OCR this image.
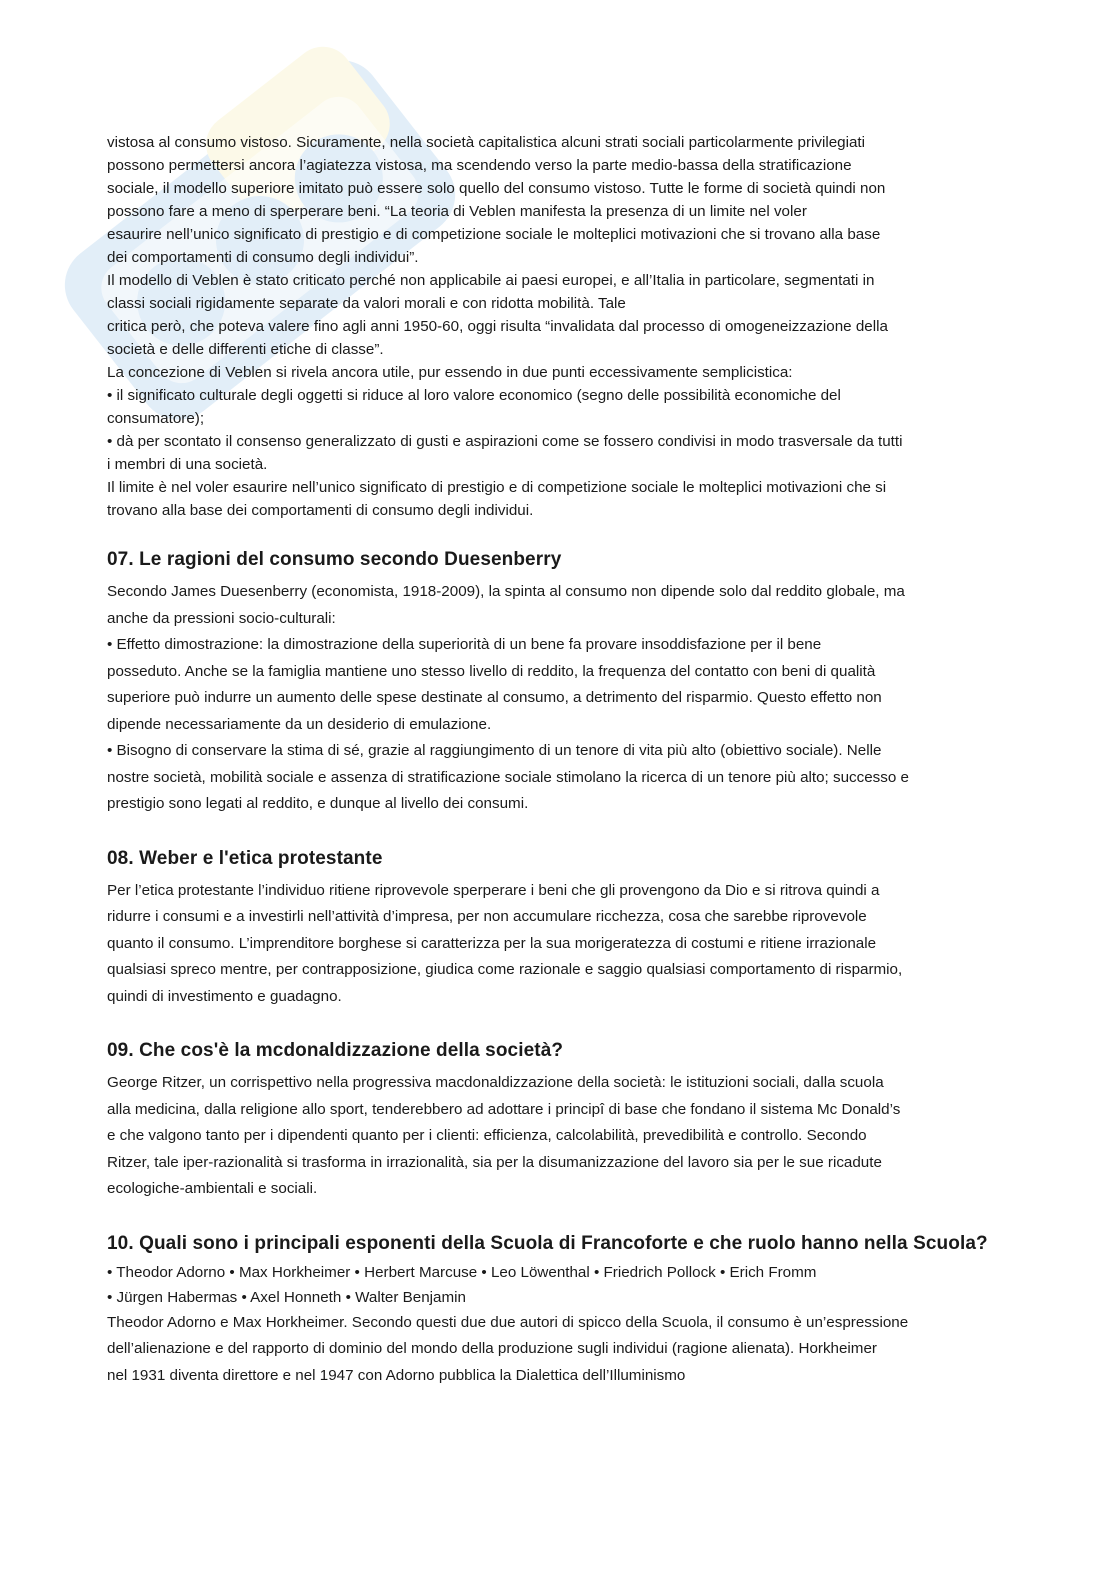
vistosa al consumo vistoso. Sicuramente, nella società capitalistica alcuni strati sociali particolarmente privilegiati

possono permettersi ancora l’agiatezza vistosa, ma scendendo verso la parte medio-bassa della stratificazione

sociale, il modello superiore imitato può essere solo quello del consumo vistoso. Tutte le forme di società quindi non

possono fare a meno di sperperare beni. “La teoria di Veblen manifesta la presenza di un limite nel voler

esaurire nell’unico significato di prestigio e di competizione sociale le molteplici motivazioni che si trovano alla base

dei comportamenti di consumo degli individui”.

Il modello di Veblen è stato criticato perché non applicabile ai paesi europei, e all’Italia in particolare, segmentati in

classi sociali rigidamente separate da valori morali e con ridotta mobilità. Tale

critica però, che poteva valere fino agli anni 1950-60, oggi risulta “invalidata dal processo di omogeneizzazione della

società e delle differenti etiche di classe”.

La concezione di Veblen si rivela ancora utile, pur essendo in due punti eccessivamente semplicistica:

• il significato culturale degli oggetti si riduce al loro valore economico (segno delle possibilità economiche del

consumatore);

• dà per scontato il consenso generalizzato di gusti e aspirazioni come se fossero condivisi in modo trasversale da tutti

i membri di una società.

Il limite è nel voler esaurire nell’unico significato di prestigio e di competizione sociale le molteplici motivazioni che si

trovano alla base dei comportamenti di consumo degli individui.

07. Le ragioni del consumo secondo Duesenberry

Secondo James Duesenberry (economista, 1918-2009), la spinta al consumo non dipende solo dal reddito globale, ma

anche da pressioni socio-culturali:

• Effetto dimostrazione: la dimostrazione della superiorità di un bene fa provare insoddisfazione per il bene

posseduto. Anche se la famiglia mantiene uno stesso livello di reddito, la frequenza del contatto con beni di qualità

superiore può indurre un aumento delle spese destinate al consumo, a detrimento del risparmio. Questo effetto non

dipende necessariamente da un desiderio di emulazione.

• Bisogno di conservare la stima di sé, grazie al raggiungimento di un tenore di vita più alto (obiettivo sociale). Nelle

nostre società, mobilità sociale e assenza di stratificazione sociale stimolano la ricerca di un tenore più alto; successo e

prestigio sono legati al reddito, e dunque al livello dei consumi.

08. Weber e l'etica protestante

Per l’etica protestante l’individuo ritiene riprovevole sperperare i beni che gli provengono da Dio e si ritrova quindi a

ridurre i consumi e a investirli nell’attività d’impresa, per non accumulare ricchezza, cosa che sarebbe riprovevole

quanto il consumo. L’imprenditore borghese si caratterizza per la sua morigeratezza di costumi e ritiene irrazionale

qualsiasi spreco mentre, per contrapposizione, giudica come razionale e saggio qualsiasi comportamento di risparmio,

quindi di investimento e guadagno.

09. Che cos'è la mcdonaldizzazione della società?

George Ritzer, un corrispettivo nella progressiva macdonaldizzazione della società: le istituzioni sociali, dalla scuola

alla medicina, dalla religione allo sport, tenderebbero ad adottare i principî di base che fondano il sistema Mc Donald’s

e che valgono tanto per i dipendenti quanto per i clienti: efficienza, calcolabilità, prevedibilità e controllo. Secondo

Ritzer, tale iper-razionalità si trasforma in irrazionalità, sia per la disumanizzazione del lavoro sia per le sue ricadute

ecologiche-ambientali e sociali.

10. Quali sono i principali esponenti della Scuola di Francoforte e che ruolo hanno nella Scuola?

• Theodor Adorno • Max Horkheimer • Herbert Marcuse • Leo Löwenthal • Friedrich Pollock • Erich Fromm

• Jürgen Habermas • Axel Honneth • Walter Benjamin

Theodor Adorno e Max Horkheimer. Secondo questi due due autori di spicco della Scuola, il consumo è un’espressione

dell’alienazione e del rapporto di dominio del mondo della produzione sugli individui (ragione alienata). Horkheimer

nel 1931 diventa direttore e nel 1947 con Adorno pubblica la Dialettica dell’Illuminismo
